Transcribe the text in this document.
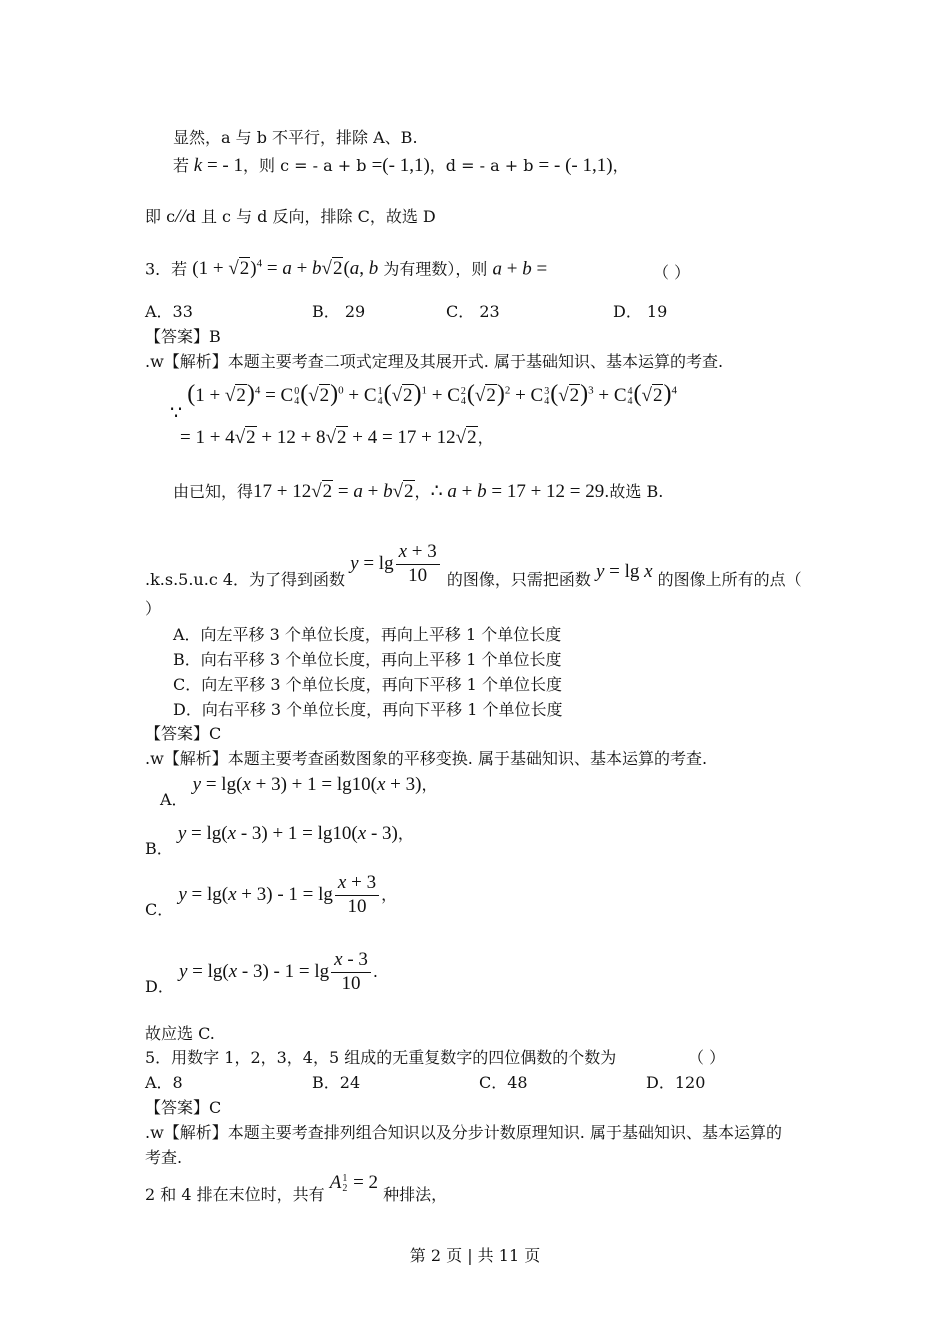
显然，a 与 b 不平行，排除 A、B.
若 k = - 1，则 c = - a + b =(- 1,1)，d = - a + b = - (- 1,1)，
即 c//d 且 c 与 d 反向，排除 C，故选 D
3．若 $(1 + √2)^4 = a + b√2(a$, b 为有理数），则 a + b =	（ ）
A．33	B． 29	C． 23	D． 19
【答案】B
.w【解析】本题主要考查二项式定理及其展开式. 属于基础知识、基本运算的考查.
∵ $(1 + √2)^4 = C$ 0
4 $(√2)^0 + C$ 1
4 $(√2)^1 + C$ 2
4 $(√2)^2 + C$ 3
4 $(√2)^3 + C$ 4
4 $(√2)^4$
= 1 + 4√2 + 12 + 8√2 + 4 = 17 + 12√2，
由已知，得17 + 12√2 = a + b√2，∴ a + b = 17 + 12 = 29.故选 B.
.k.s.5.u.c 4．为了得到函数 $y = \lg \frac{x + 3}{10}$ 的图像，只需把函数 y = lg x 的图像上所有的点（
）
A．向左平移 3 个单位长度，再向上平移 1 个单位长度
B．向右平移 3 个单位长度，再向上平移 1 个单位长度
C．向左平移 3 个单位长度，再向下平移 1 个单位长度
D．向右平移 3 个单位长度，再向下平移 1 个单位长度
【答案】C
.w【解析】本题主要考查函数图象的平移变换. 属于基础知识、基本运算的考查.
A． y = lg(x + 3) + 1 = lg10(x + 3)，
B． y = lg(x - 3) + 1 = lg10(x - 3)，
C． $y = \lg(x + 3) - 1 = \lg \frac{x + 3}{10}$ ，
D． $y = \lg(x - 3) - 1 = \lg \frac{x - 3}{10}$ .
故应选 C.
5．用数字 1，2，3，4，5 组成的无重复数字的四位偶数的个数为	（ ）
A．8	B．24	C．48	D．120
【答案】C
.w【解析】本题主要考查排列组合知识以及分步计数原理知识. 属于基础知识、基本运算的
考查.
2 和 4 排在末位时，共有 A 1
2 = 2 种排法，
第 2 页 | 共 11 页
